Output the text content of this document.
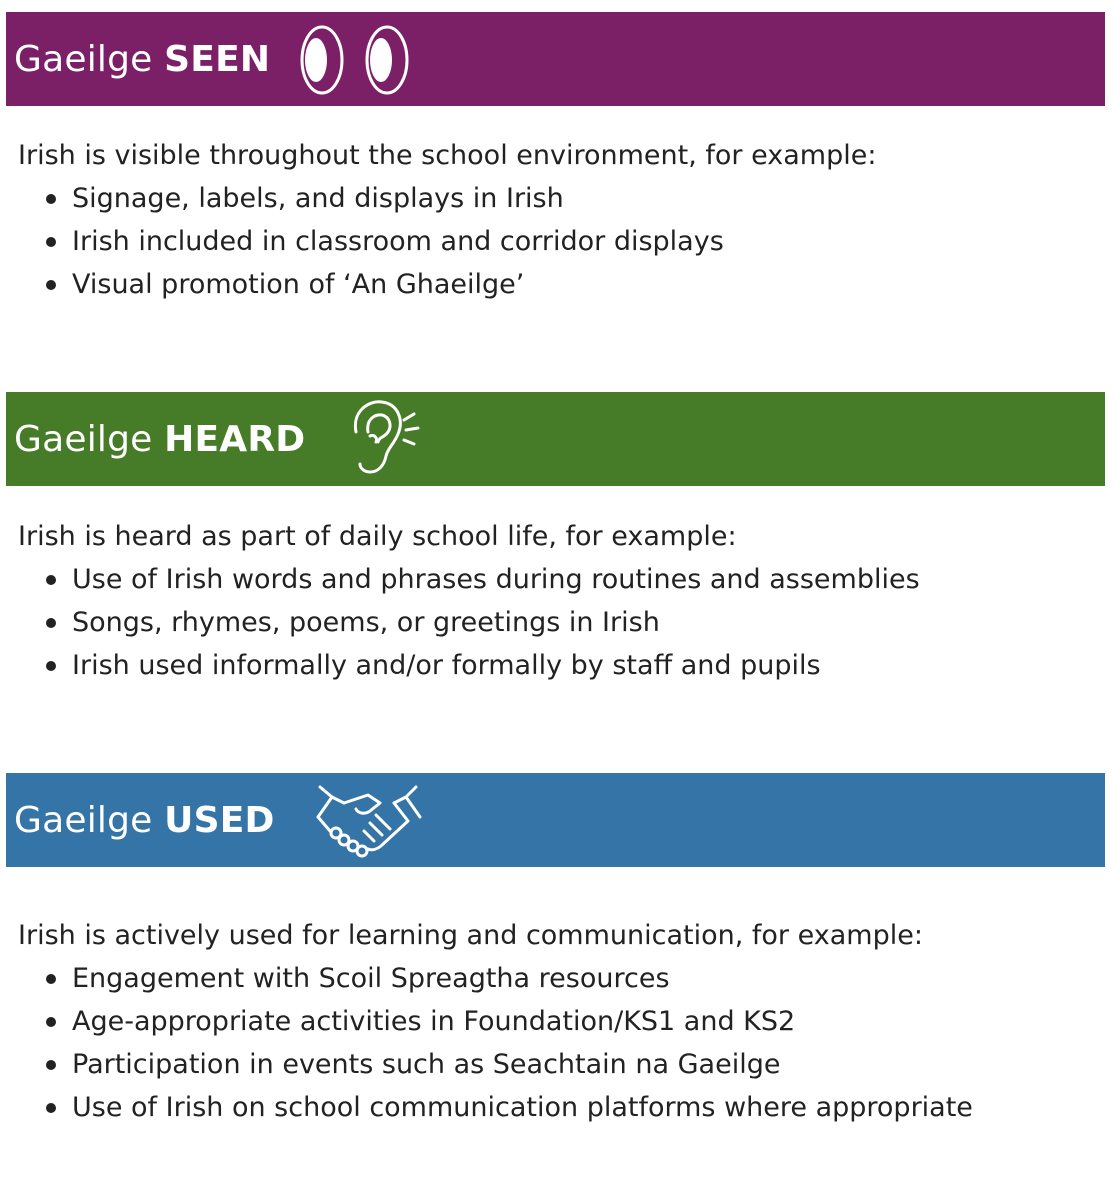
Gaeilge SEEN

Irish is visible throughout the school environment, for example:

Signage, labels, and displays in Irish
Irish included in classroom and corridor displays
Visual promotion of ‘An Ghaeilge’
Gaeilge HEARD

Irish is heard as part of daily school life, for example:

Use of Irish words and phrases during routines and assemblies
Songs, rhymes, poems, or greetings in Irish
Irish used informally and/or formally by staff and pupils
Gaeilge USED

Irish is actively used for learning and communication, for example:

Engagement with Scoil Spreagtha resources
Age-appropriate activities in Foundation/KS1 and KS2
Participation in events such as Seachtain na Gaeilge
Use of Irish on school communication platforms where appropriate
